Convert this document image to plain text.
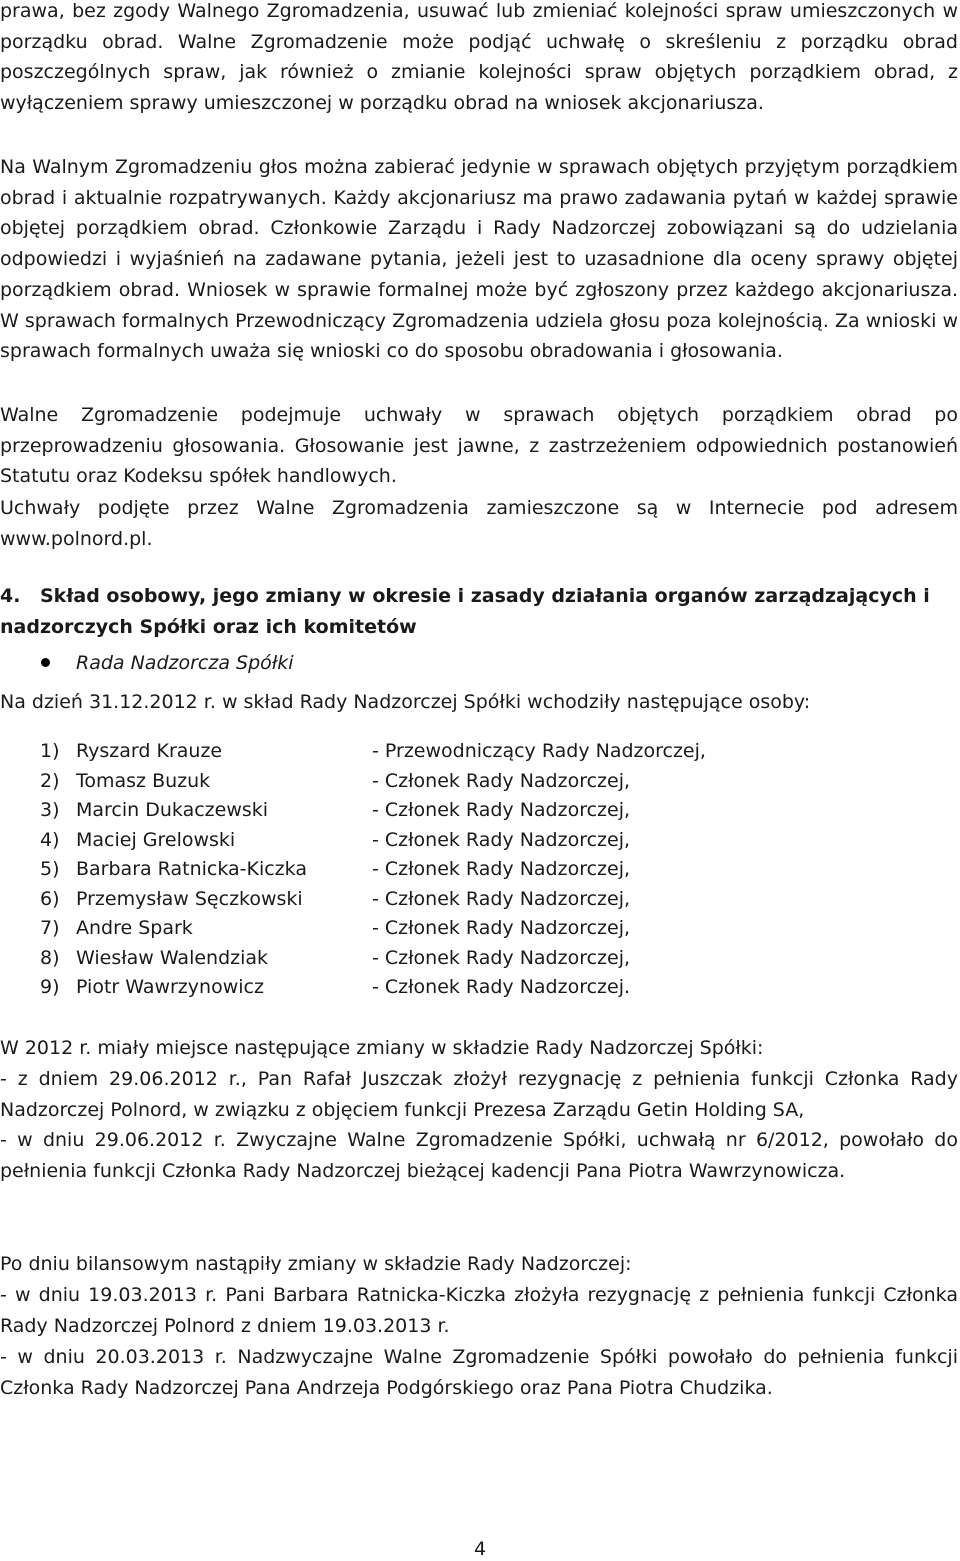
prawa, bez zgody Walnego Zgromadzenia, usuwać lub zmieniać kolejności spraw umieszczonych w porządku obrad. Walne Zgromadzenie może podjąć uchwałę o skreśleniu z porządku obrad poszczególnych spraw, jak również o zmianie kolejności spraw objętych porządkiem obrad, z wyłączeniem sprawy umieszczonej w porządku obrad na wniosek akcjonariusza.

Na Walnym Zgromadzeniu głos można zabierać jedynie w sprawach objętych przyjętym porządkiem obrad i aktualnie rozpatrywanych. Każdy akcjonariusz ma prawo zadawania pytań w każdej sprawie objętej porządkiem obrad. Członkowie Zarządu i Rady Nadzorczej zobowiązani są do udzielania odpowiedzi i wyjaśnień na zadawane pytania, jeżeli jest to uzasadnione dla oceny sprawy objętej porządkiem obrad. Wniosek w sprawie formalnej może być zgłoszony przez każdego akcjonariusza. W sprawach formalnych Przewodniczący Zgromadzenia udziela głosu poza kolejnością. Za wnioski w sprawach formalnych uważa się wnioski co do sposobu obradowania i głosowania.

Walne Zgromadzenie podejmuje uchwały w sprawach objętych porządkiem obrad po przeprowadzeniu głosowania. Głosowanie jest jawne, z zastrzeżeniem odpowiednich postanowień Statutu oraz Kodeksu spółek handlowych.

Uchwały podjęte przez Walne Zgromadzenia zamieszczone są w Internecie pod adresem www.polnord.pl.

4. Skład osobowy, jego zmiany w okresie i zasady działania organów zarządzających i nadzorczych Spółki oraz ich komitetów
Rada Nadzorcza Spółki

Na dzień 31.12.2012 r. w skład Rady Nadzorczej Spółki wchodziły następujące osoby:

1) Ryszard Krauze	- Przewodniczący Rady Nadzorczej,
2) Tomasz Buzuk	- Członek Rady Nadzorczej,
3) Marcin Dukaczewski	- Członek Rady Nadzorczej,
4) Maciej Grelowski	- Członek Rady Nadzorczej,
5) Barbara Ratnicka-Kiczka	- Członek Rady Nadzorczej,
6) Przemysław Sęczkowski	- Członek Rady Nadzorczej,
7) Andre Spark	- Członek Rady Nadzorczej,
8) Wiesław Walendziak	- Członek Rady Nadzorczej,
9) Piotr Wawrzynowicz	- Członek Rady Nadzorczej.

W 2012 r. miały miejsce następujące zmiany w składzie Rady Nadzorczej Spółki:

- z dniem 29.06.2012 r., Pan Rafał Juszczak złożył rezygnację z pełnienia funkcji Członka Rady Nadzorczej Polnord, w związku z objęciem funkcji Prezesa Zarządu Getin Holding SA,

- w dniu 29.06.2012 r. Zwyczajne Walne Zgromadzenie Spółki, uchwałą nr 6/2012, powołało do pełnienia funkcji Członka Rady Nadzorczej bieżącej kadencji Pana Piotra Wawrzynowicza.

Po dniu bilansowym nastąpiły zmiany w składzie Rady Nadzorczej:

- w dniu 19.03.2013 r. Pani Barbara Ratnicka-Kiczka złożyła rezygnację z pełnienia funkcji Członka Rady Nadzorczej Polnord z dniem 19.03.2013 r.

- w dniu 20.03.2013 r. Nadzwyczajne Walne Zgromadzenie Spółki powołało do pełnienia funkcji Członka Rady Nadzorczej Pana Andrzeja Podgórskiego oraz Pana Piotra Chudzika.

4
